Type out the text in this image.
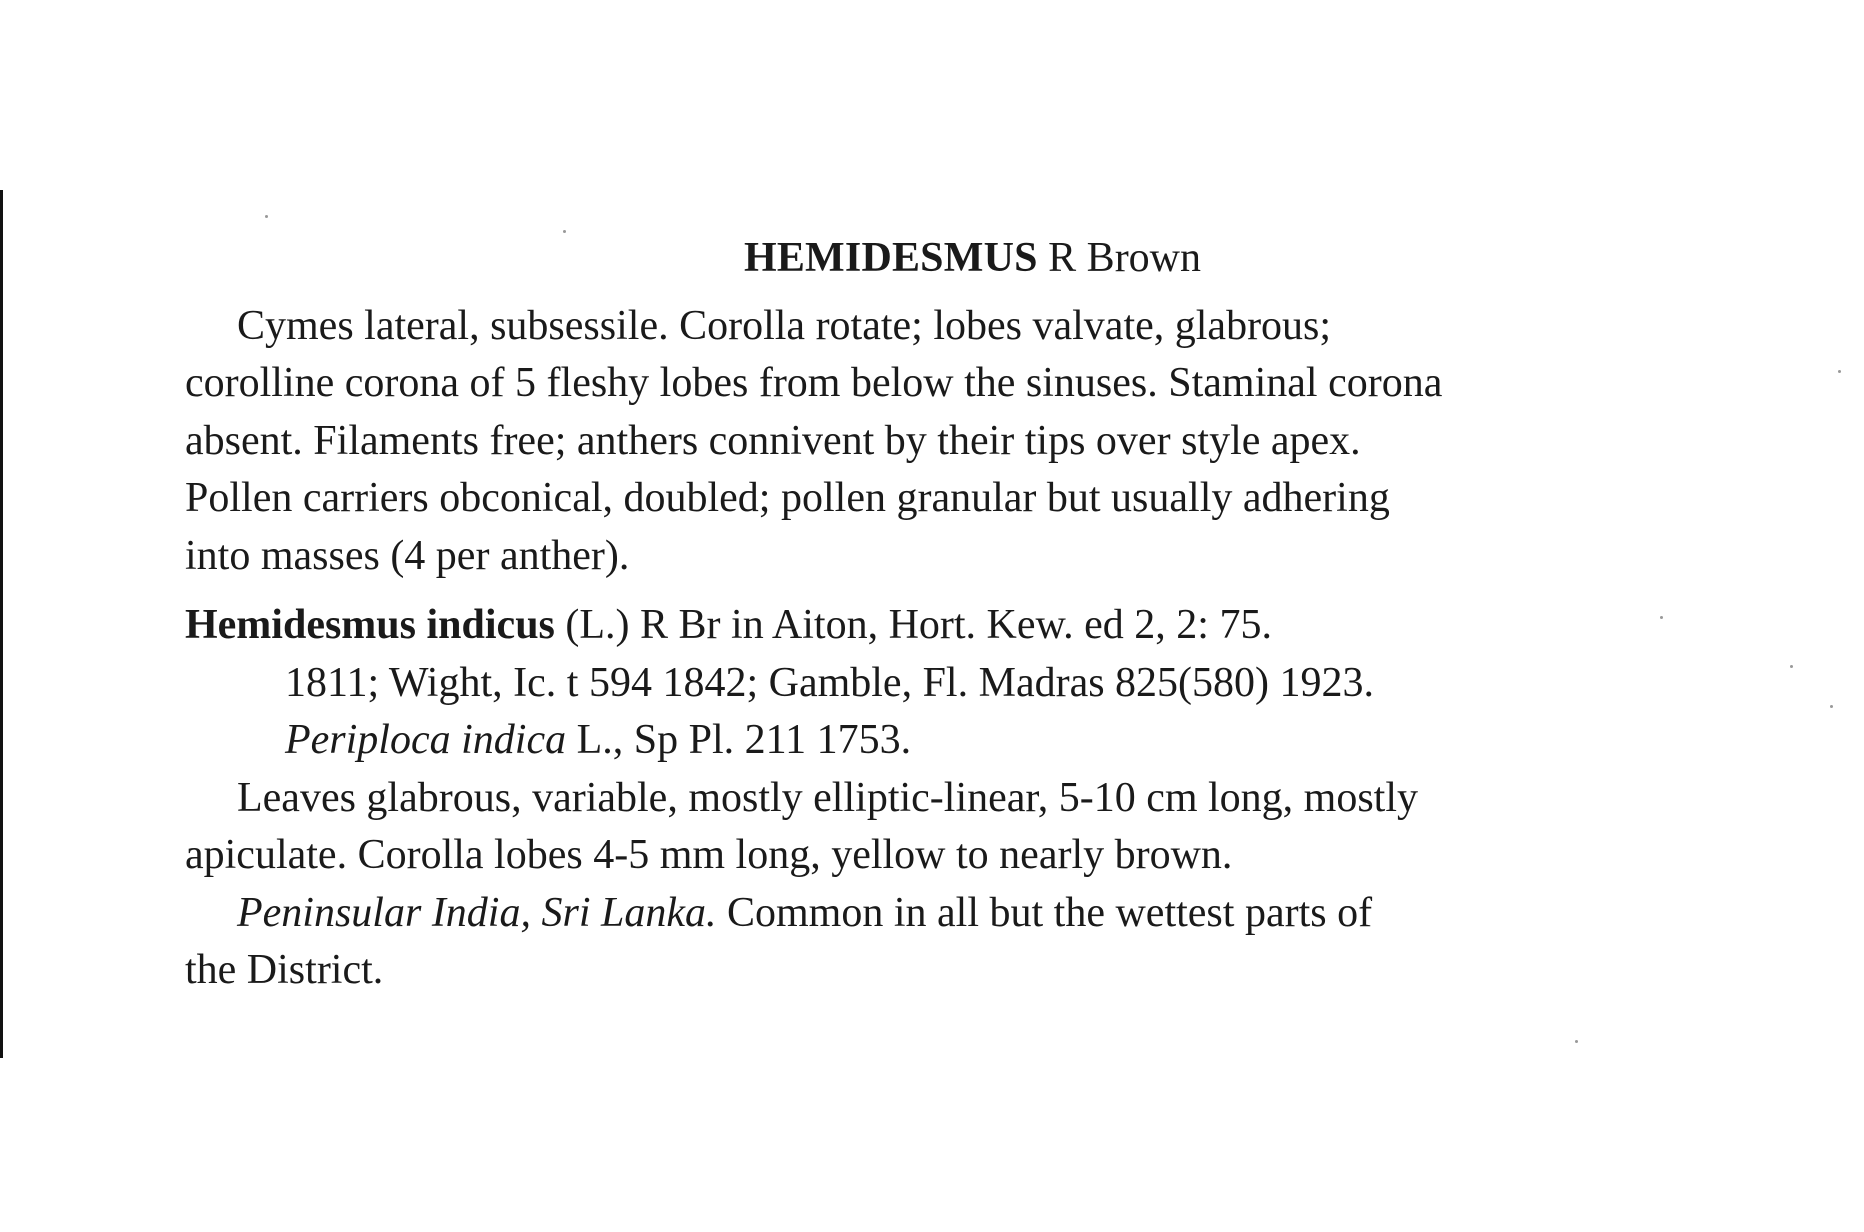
HEMIDESMUS R Brown

Cymes lateral, subsessile. Corolla rotate; lobes valvate, glabrous;

corolline corona of 5 fleshy lobes from below the sinuses. Staminal corona

absent. Filaments free; anthers connivent by their tips over style apex.

Pollen carriers obconical, doubled; pollen granular but usually adhering

into masses (4 per anther).

Hemidesmus indicus (L.) R Br in Aiton, Hort. Kew. ed 2, 2: 75.

1811; Wight, Ic. t 594 1842; Gamble, Fl. Madras 825(580) 1923.

Periploca indica L., Sp Pl. 211 1753.

Leaves glabrous, variable, mostly elliptic-linear, 5-10 cm long, mostly

apiculate. Corolla lobes 4-5 mm long, yellow to nearly brown.

Peninsular India, Sri Lanka. Common in all but the wettest parts of

the District.
